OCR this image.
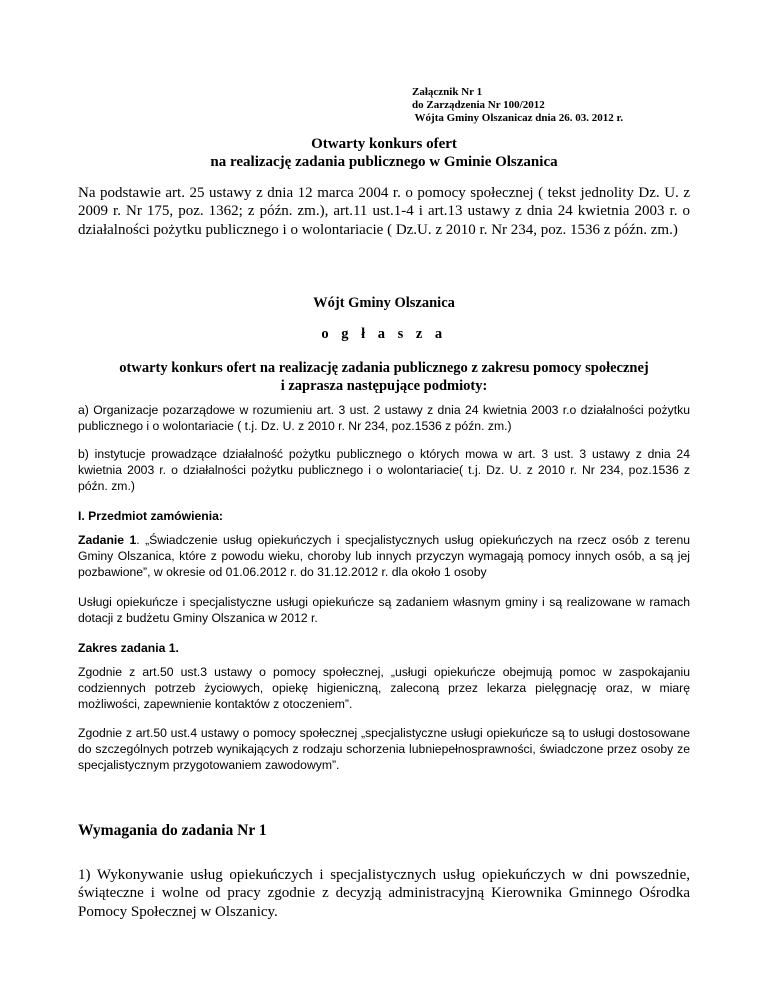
Załącznik Nr 1
do Zarządzenia Nr 100/2012
Wójta Gminy Olszanicaz dnia 26. 03. 2012 r.
Otwarty konkurs ofert
na realizację zadania publicznego w Gminie Olszanica
Na podstawie art. 25 ustawy z dnia 12 marca 2004 r. o pomocy społecznej ( tekst jednolity Dz. U. z 2009 r. Nr 175, poz. 1362; z późn. zm.), art.11 ust.1-4 i art.13 ustawy z dnia 24 kwietnia 2003 r. o działalności pożytku publicznego i o wolontariacie ( Dz.U. z 2010 r. Nr 234, poz. 1536 z późn. zm.)
Wójt Gminy Olszanica
o g ł a s z a
otwarty konkurs ofert na realizację zadania publicznego z zakresu pomocy społecznej
i zaprasza następujące podmioty:
a) Organizacje pozarządowe w rozumieniu art. 3 ust. 2 ustawy z dnia 24 kwietnia 2003 r.o działalności pożytku publicznego i o wolontariacie ( t.j. Dz. U. z 2010 r. Nr 234, poz.1536 z późn. zm.)
b) instytucje prowadzące działalność pożytku publicznego o których mowa w art. 3 ust. 3 ustawy z dnia 24 kwietnia 2003 r. o działalności pożytku publicznego i o wolontariacie( t.j. Dz. U. z 2010 r. Nr 234, poz.1536 z późn. zm.)
I. Przedmiot zamówienia:
Zadanie 1. „Świadczenie usług opiekuńczych i specjalistycznych usług opiekuńczych na rzecz osób z terenu Gminy Olszanica, które z powodu wieku, choroby lub innych przyczyn wymagają pomocy innych osób, a są jej pozbawione”, w okresie od 01.06.2012 r. do 31.12.2012 r. dla około 1 osoby
Usługi opiekuńcze i specjalistyczne usługi opiekuńcze są zadaniem własnym gminy i są realizowane w ramach dotacji z budżetu Gminy Olszanica w 2012 r.
Zakres zadania 1.
Zgodnie z art.50 ust.3 ustawy o pomocy społecznej, „usługi opiekuńcze obejmują pomoc w zaspokajaniu codziennych potrzeb życiowych, opiekę higieniczną, zaleconą przez lekarza pielęgnację oraz, w miarę możliwości, zapewnienie kontaktów z otoczeniem”.
Zgodnie z art.50 ust.4 ustawy o pomocy społecznej „specjalistyczne usługi opiekuńcze są to usługi dostosowane do szczególnych potrzeb wynikających z rodzaju schorzenia lubniepełnosprawności, świadczone przez osoby ze specjalistycznym przygotowaniem zawodowym”.
Wymagania do zadania Nr 1
1) Wykonywanie usług opiekuńczych i specjalistycznych usług opiekuńczych w dni powszednie, świąteczne i wolne od pracy zgodnie z decyzją administracyjną Kierownika Gminnego Ośrodka Pomocy Społecznej w Olszanicy.
